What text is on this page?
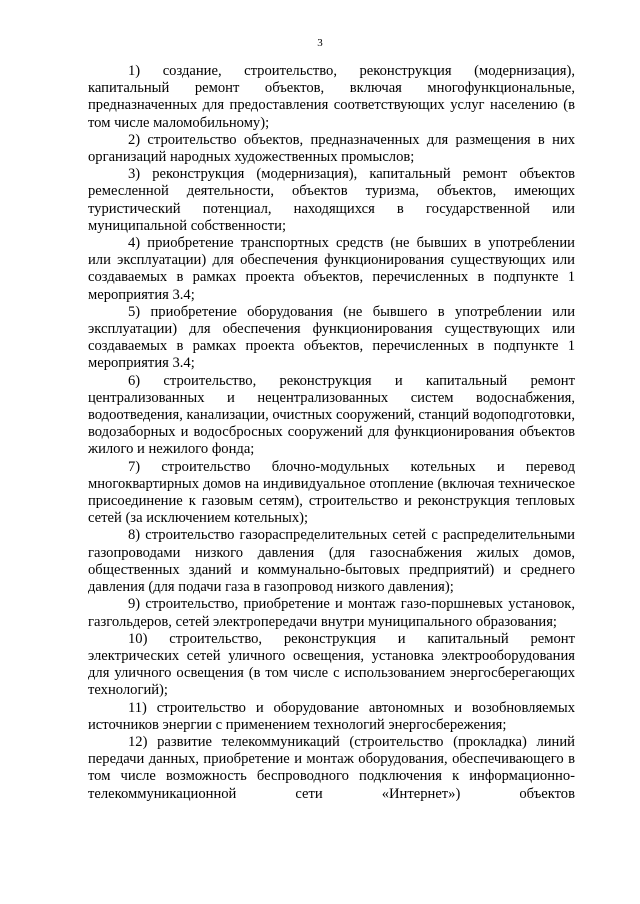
3

1) создание, строительство, реконструкция (модернизация), капитальный ремонт объектов, включая многофункциональные, предназначенных для предоставления соответствующих услуг населению (в том числе маломобильному);

2) строительство объектов, предназначенных для размещения в них организаций народных художественных промыслов;

3) реконструкция (модернизация), капитальный ремонт объектов ремесленной деятельности, объектов туризма, объектов, имеющих туристический потенциал, находящихся в государственной или муниципальной собственности;

4) приобретение транспортных средств (не бывших в употреблении или эксплуатации) для обеспечения функционирования существующих или создаваемых в рамках проекта объектов, перечисленных в подпункте 1 мероприятия 3.4;

5) приобретение оборудования (не бывшего в употреблении или эксплуатации) для обеспечения функционирования существующих или создаваемых в рамках проекта объектов, перечисленных в подпункте 1 мероприятия 3.4;

6) строительство, реконструкция и капитальный ремонт централизованных и нецентрализованных систем водоснабжения, водоотведения, канализации, очистных сооружений, станций водоподготовки, водозаборных и водосбросных сооружений для функционирования объектов жилого и нежилого фонда;

7) строительство блочно-модульных котельных и перевод многоквартирных домов на индивидуальное отопление (включая техническое присоединение к газовым сетям), строительство и реконструкция тепловых сетей (за исключением котельных);

8) строительство газораспределительных сетей с распределительными газопроводами низкого давления (для газоснабжения жилых домов, общественных зданий и коммунально-бытовых предприятий) и среднего давления (для подачи газа в газопровод низкого давления);

9) строительство, приобретение и монтаж газо-поршневых установок, газгольдеров, сетей электропередачи внутри муниципального образования;

10) строительство, реконструкция и капитальный ремонт электрических сетей уличного освещения, установка электрооборудования для уличного освещения (в том числе с использованием энергосберегающих технологий);

11) строительство и оборудование автономных и возобновляемых источников энергии с применением технологий энергосбережения;

12) развитие телекоммуникаций (строительство (прокладка) линий передачи данных, приобретение и монтаж оборудования, обеспечивающего в том числе возможность беспроводного подключения к информационно-телекоммуникационной сети «Интернет») объектов
